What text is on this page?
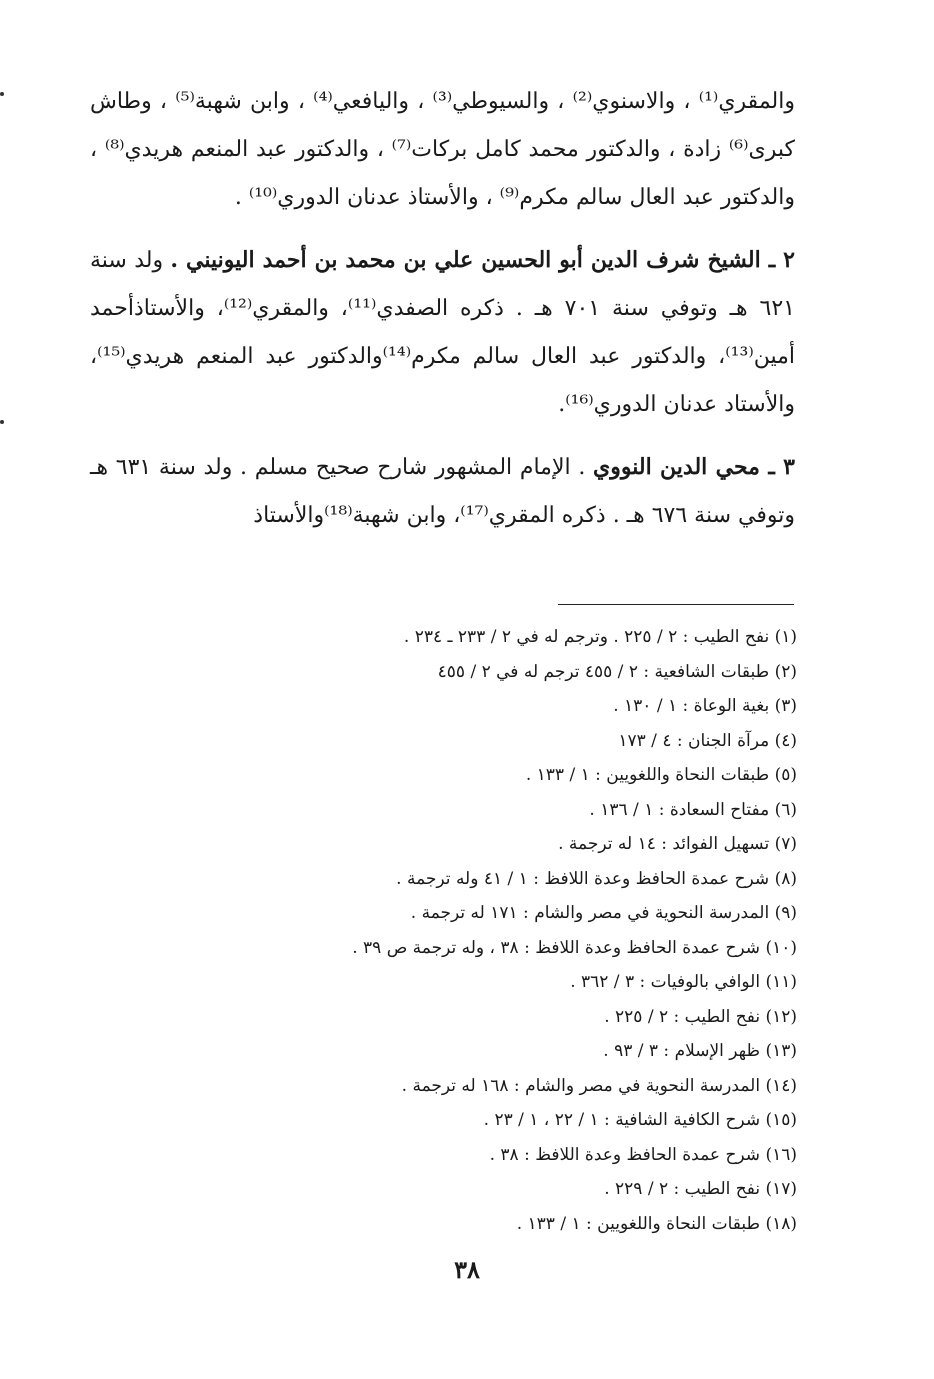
والمقري⁽¹⁾ ، والاسنوي⁽²⁾ ، والسيوطي⁽³⁾ ، واليافعي⁽⁴⁾ ، وابن شهبة⁽⁵⁾ ، وطاش كبرى⁽⁶⁾ زادة ، والدكتور محمد كامل بركات⁽⁷⁾ ، والدكتور عبد المنعم هريدي⁽⁸⁾ ، والدكتور عبد العال سالم مكرم⁽⁹⁾ ، والأستاذ عدنان الدوري⁽¹⁰⁾ .

٢ ـ الشيخ شرف الدين أبو الحسين علي بن محمد بن أحمد اليونيني . ولد سنة ٦٢١ هـ وتوفي سنة ٧٠١ هـ . ذكره الصفدي⁽¹¹⁾، والمقري⁽¹²⁾، والأستاذأحمد أمين⁽¹³⁾، والدكتور عبد العال سالم مكرم⁽¹⁴⁾والدكتور عبد المنعم هريدي⁽¹⁵⁾، والأستاد عدنان الدوري⁽¹⁶⁾.

٣ ـ محي الدين النووي . الإمام المشهور شارح صحيح مسلم . ولد سنة ٦٣١ هـ وتوفي سنة ٦٧٦ هـ . ذكره المقري⁽¹⁷⁾، وابن شهبة⁽¹⁸⁾والأستاذ

(١) نفح الطيب : ٢ / ٢٢٥ . وترجم له في ٢ / ٢٣٣ ـ ٢٣٤ .
(٢) طبقات الشافعية : ٢ / ٤٥٥ ترجم له في ٢ / ٤٥٥
(٣) بغية الوعاة : ١ / ١٣٠ .
(٤) مرآة الجنان : ٤ / ١٧٣
(٥) طبقات النحاة واللغويين : ١ / ١٣٣ .
(٦) مفتاح السعادة : ١ / ١٣٦ .
(٧) تسهيل الفوائد : ١٤ له ترجمة .
(٨) شرح عمدة الحافظ وعدة اللافظ : ١ / ٤١ وله ترجمة .
(٩) المدرسة النحوية في مصر والشام : ١٧١ له ترجمة .
(١٠) شرح عمدة الحافظ وعدة اللافظ : ٣٨ ، وله ترجمة ص ٣٩ .
(١١) الوافي بالوفيات : ٣ / ٣٦٢ .
(١٢) نفح الطيب : ٢ / ٢٢٥ .
(١٣) ظهر الإسلام : ٣ / ٩٣ .
(١٤) المدرسة النحوية في مصر والشام : ١٦٨ له ترجمة .
(١٥) شرح الكافية الشافية : ١ / ٢٢ ، ١ / ٢٣ .
(١٦) شرح عمدة الحافظ وعدة اللافظ : ٣٨ .
(١٧) نفح الطيب : ٢ / ٢٢٩ .
(١٨) طبقات النحاة واللغويين : ١ / ١٣٣ .
٣٨
